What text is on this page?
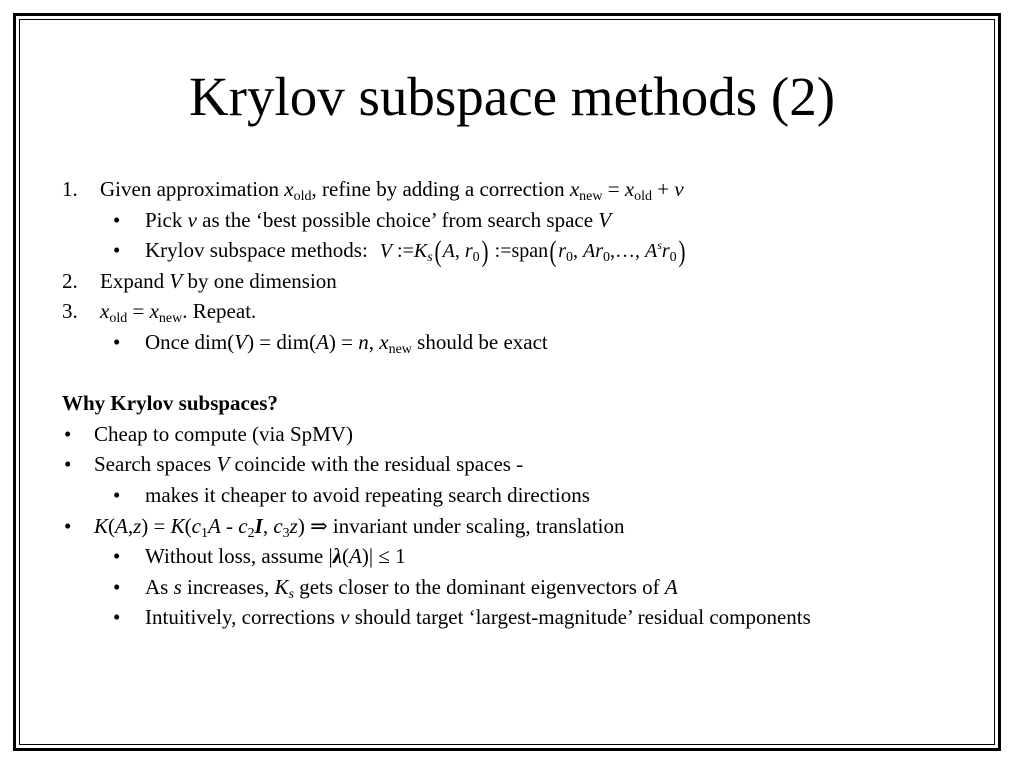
Krylov subspace methods (2)
1. Given approximation $x_{old}$, refine by adding a correction $x_{new} = x_{old} + v$
• Pick v as the ‘best possible choice’ from search space V
• Krylov subspace methods: V $:=K_s(A$, $r_0$) $:=span(r_0$, $Ar_0,\dots$, $A^sr_0$)
2. Expand V by one dimension
3. $x_{old} = x_{new}$. Repeat.
• Once dim(V) = dim(A) = n, $x_{new}$ should be exact
Why Krylov subspaces?
• Cheap to compute (via SpMV)
• Search spaces V coincide with the residual spaces -
• makes it cheaper to avoid repeating search directions
• $K(A,z) = K(c_1A - c_2I$, $c_3z$) ⇒ invariant under scaling, translation
• Without loss, assume |λ(A)| ≤ 1
• As s increases, $K_s$ gets closer to the dominant eigenvectors of A
• Intuitively, corrections v should target ‘largest-magnitude’ residual components
